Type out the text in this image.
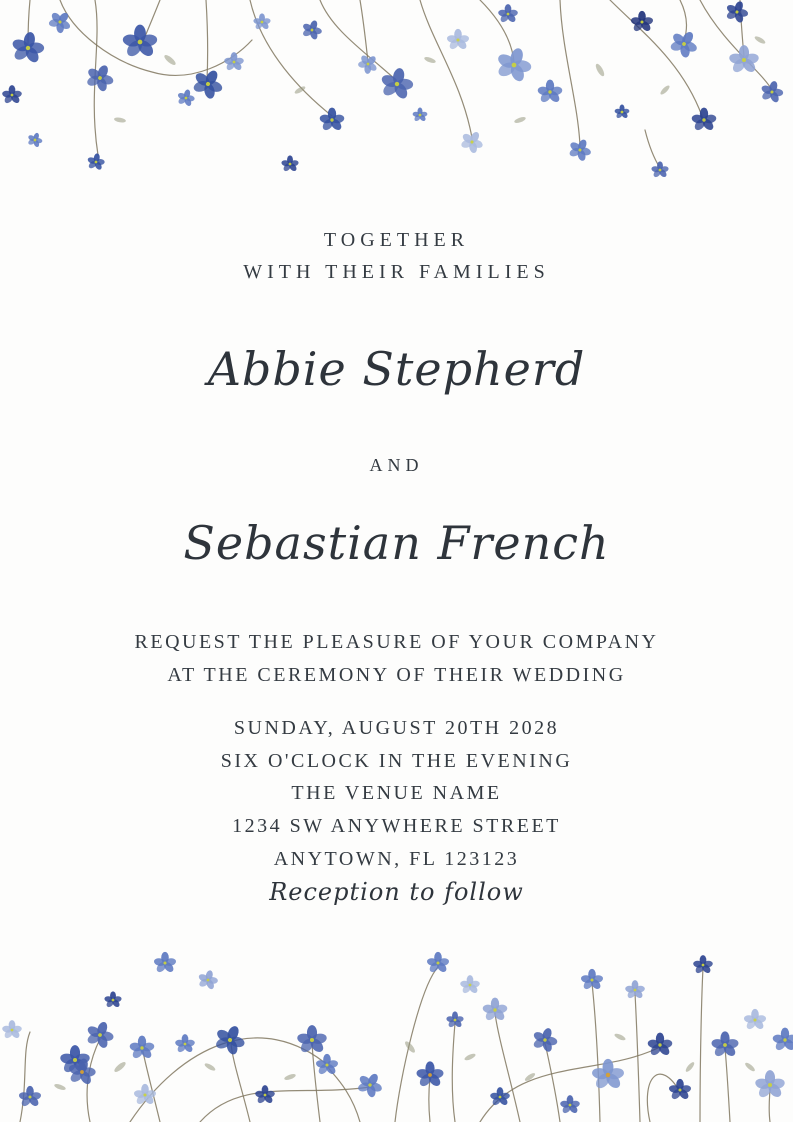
TOGETHER
WITH THEIR FAMILIES
Abbie Stepherd
AND
Sebastian French
REQUEST THE PLEASURE OF YOUR COMPANY
AT THE CEREMONY OF THEIR WEDDING
SUNDAY, AUGUST 20TH 2028
SIX O'CLOCK IN THE EVENING
THE VENUE NAME
1234 SW ANYWHERE STREET
ANYTOWN, FL 123123
Reception to follow
